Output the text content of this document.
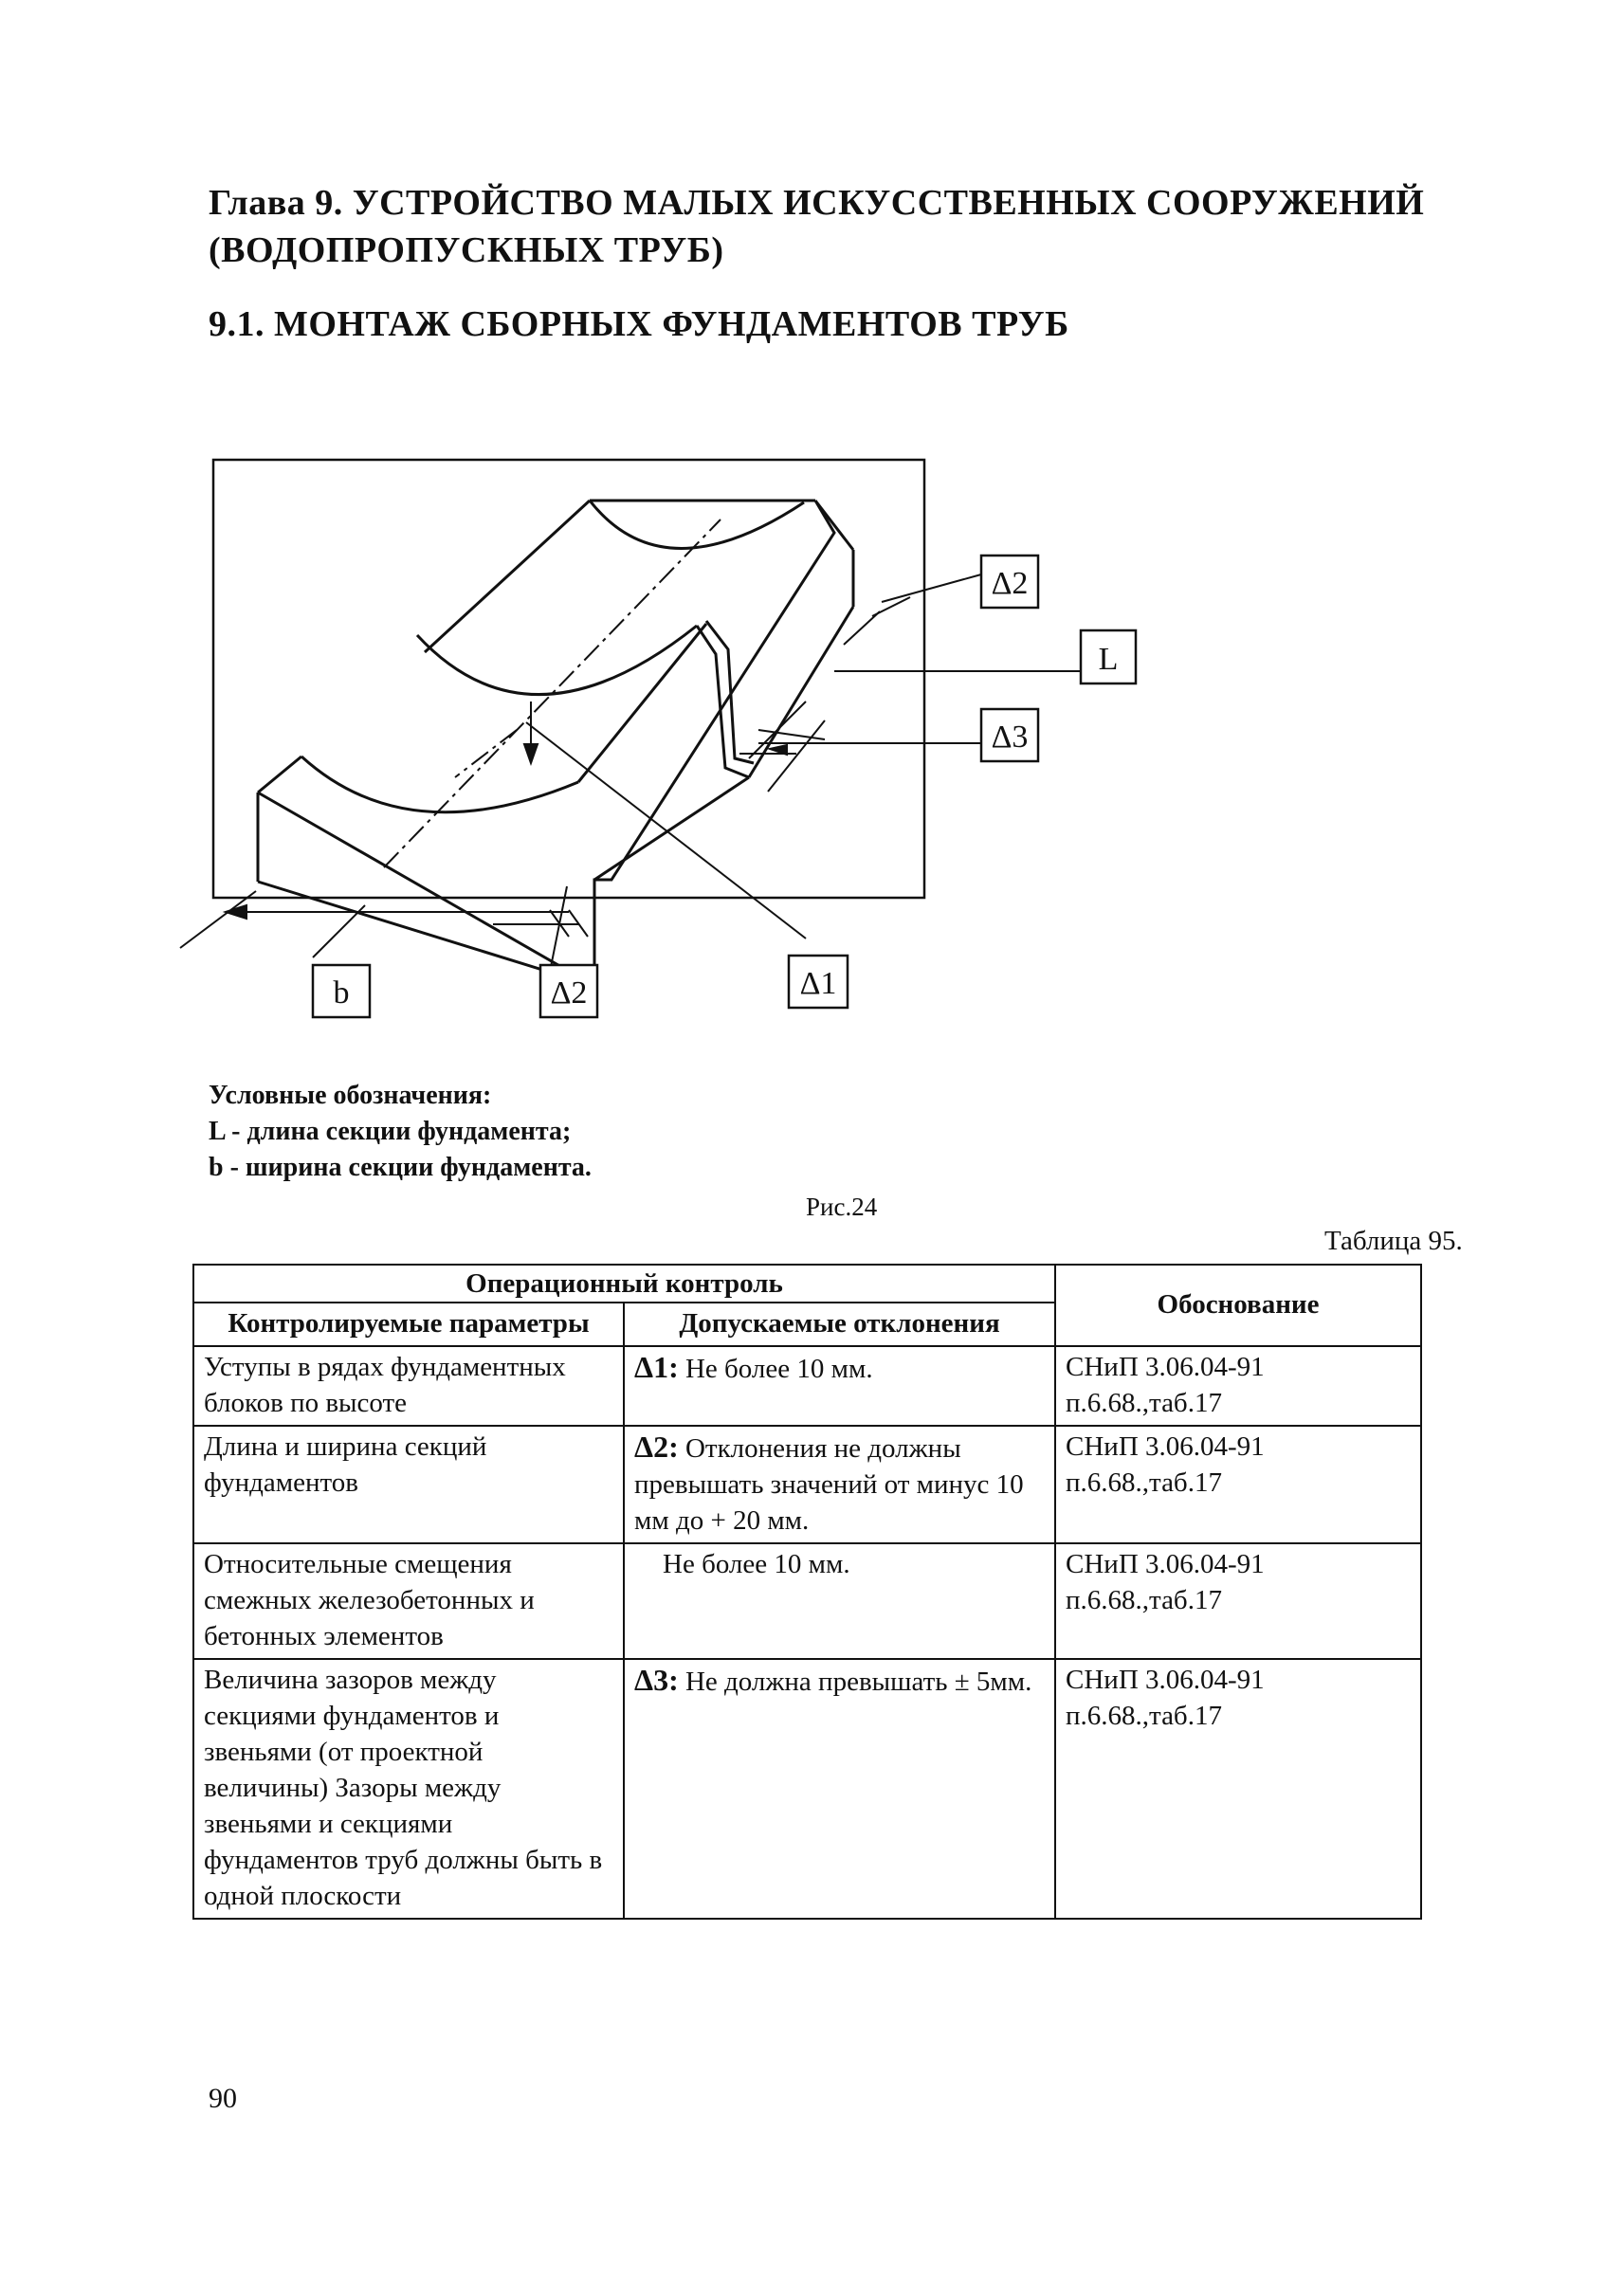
Глава 9. УСТРОЙСТВО МАЛЫХ ИСКУССТВЕННЫХ СООРУЖЕНИЙ
(ВОДОПРОПУСКНЫХ ТРУБ)
9.1. МОНТАЖ СБОРНЫХ ФУНДАМЕНТОВ ТРУБ
Δ2
L
Δ3
b	Δ2	Δ1
Условные обозначения:
L - длина секции фундамента;
b - ширина секции фундамента.
Рис.24
Таблица 95.
Операционный контроль		Обоснование
Контролируемые параметры	Допускаемые отклонения	
Уступы в рядах фундаментных блоков по высоте	Δ1: Не более 10 мм.	СНиП 3.06.04-91 п.6.68.,таб.17
Длина и ширина секций фундаментов	Δ2: Отклонения не должны превышать значений от минус 10 мм до + 20 мм.	СНиП 3.06.04-91 п.6.68.,таб.17
Относительные смещения смежных железобетонных и бетонных элементов	Не более 10 мм.	СНиП 3.06.04-91 п.6.68.,таб.17
Величина зазоров между секциями фундаментов и звеньями (от проектной величины) Зазоры между звеньями и секциями фундаментов труб должны быть в одной плоскости	Δ3: Не должна превышать ± 5мм.	СНиП 3.06.04-91 п.6.68.,таб.17
90
